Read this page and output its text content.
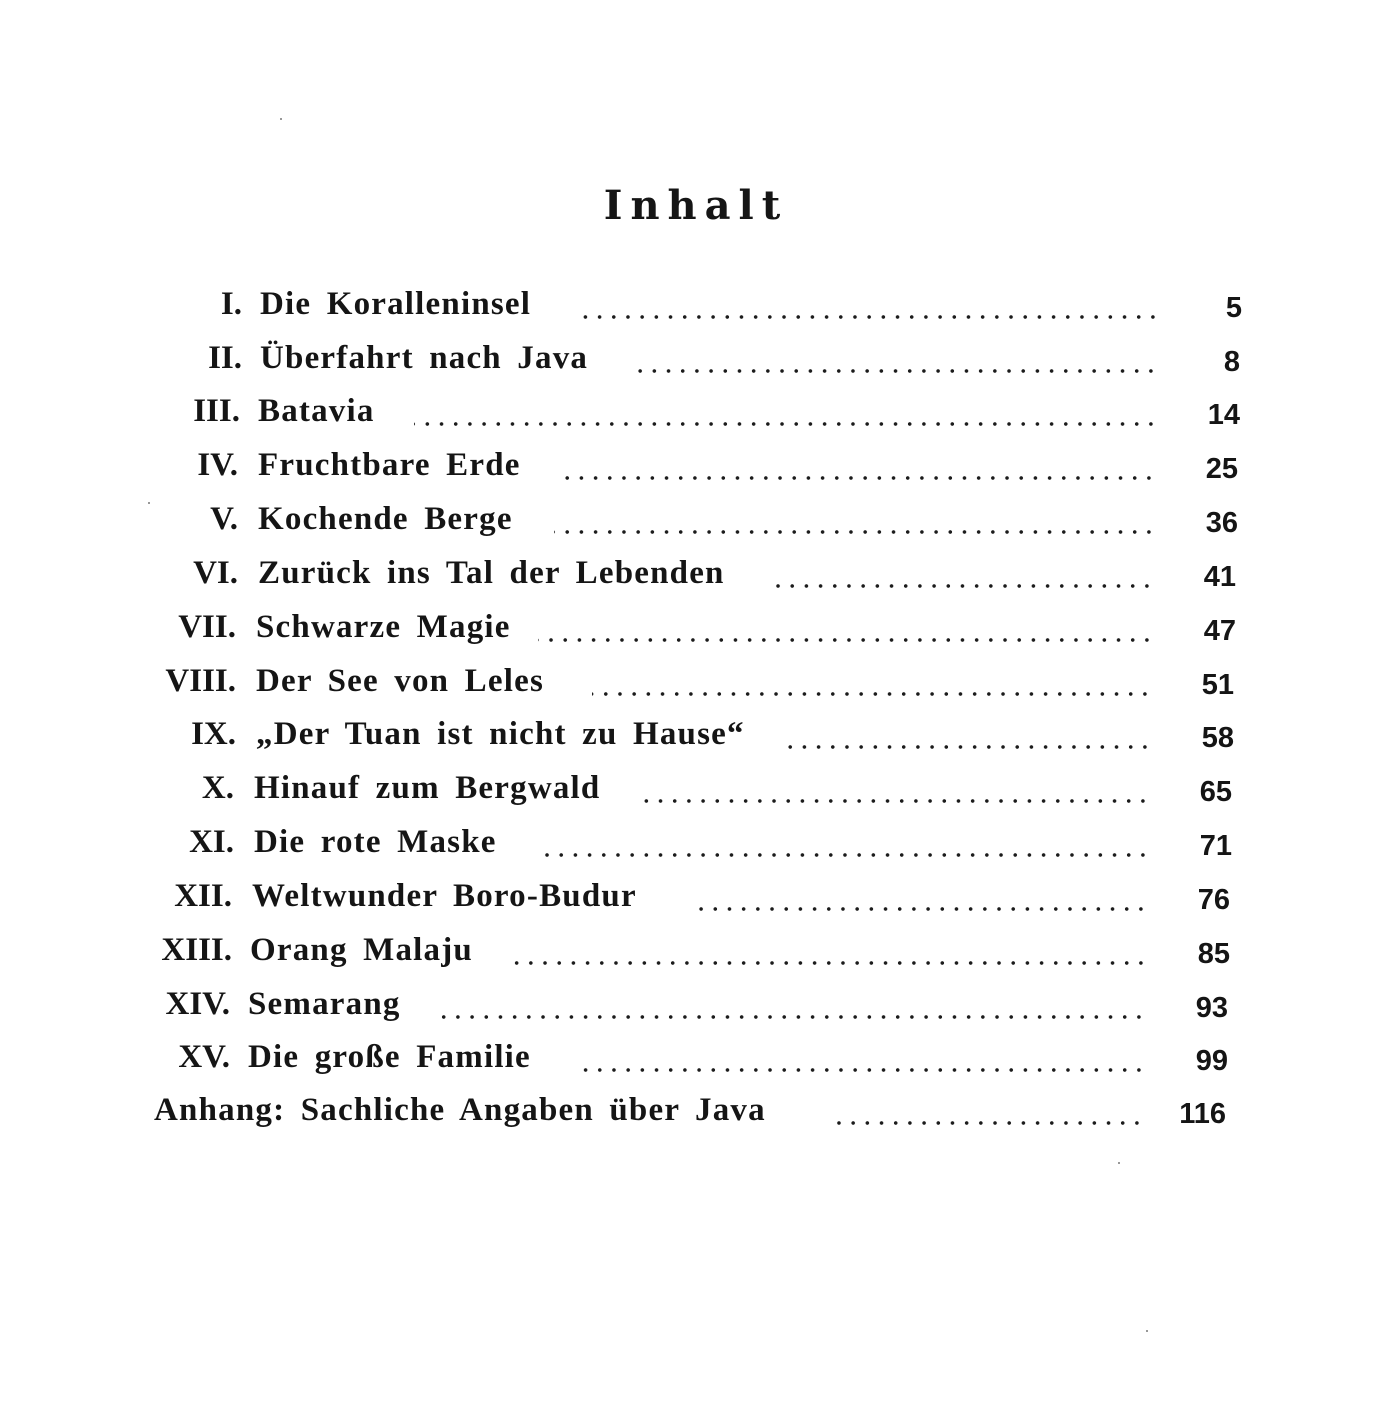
Inhalt
I. Die Koralleninsel	5
II. Überfahrt nach Java	8
III. Batavia	14
IV. Fruchtbare Erde	25
V. Kochende Berge	36
VI. Zurück ins Tal der Lebenden	41
VII. Schwarze Magie	47
VIII. Der See von Leles	51
IX. „Der Tuan ist nicht zu Hause“	58
X. Hinauf zum Bergwald	65
XI. Die rote Maske	71
XII. Weltwunder Boro-Budur	76
XIII. Orang Malaju	85
XIV. Semarang	93
XV. Die große Familie	99
Anhang: Sachliche Angaben über Java	116
